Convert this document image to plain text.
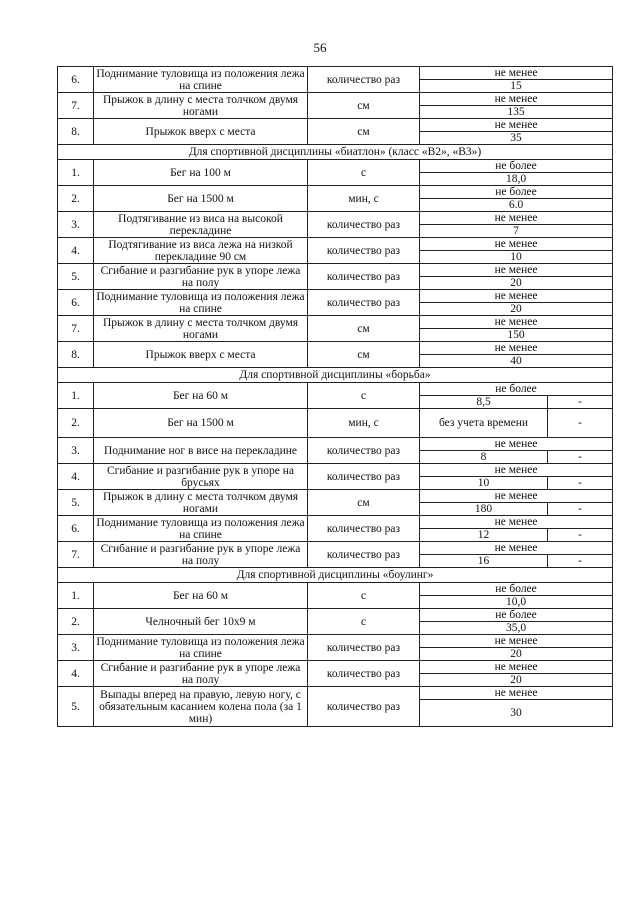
56
6.	Поднимание туловища из положения лежа на спине	количество раз	не менее	
			15	
7.	Прыжок в длину с места толчком двумя ногами	см	не менее	
			135	
8.	Прыжок вверх с места	см	не менее	
			35	
Для спортивной дисциплины «биатлон» (класс «В2», «В3»)				
1.	Бег на 100 м	с	не более	
			18,0	
2.	Бег на 1500 м	мин, с	не более	
			6.0	
3.	Подтягивание из виса на высокой перекладине	количество раз	не менее	
			7	
4.	Подтягивание из виса лежа на низкой перекладине 90 см	количество раз	не менее	
			10	
5.	Сгибание и разгибание рук в упоре лежа на полу	количество раз	не менее	
			20	
6.	Поднимание туловища из положения лежа на спине	количество раз	не менее	
			20	
7.	Прыжок в длину с места толчком двумя ногами	см	не менее	
			150	
8.	Прыжок вверх с места	см	не менее	
			40	
Для спортивной дисциплины «борьба»				
1.	Бег на 60 м	с	не более	
			8,5	-
2.	Бег на 1500 м	мин, с	без учета времени	-

3.	Поднимание ног в висе на перекладине	количество раз	не менее	
			8	-
4.	Сгибание и разгибание рук в упоре на брусьях	количество раз	не менее	
			10	-
5.	Прыжок в длину с места толчком двумя ногами	см	не менее	
			180	-
6.	Поднимание туловища из положения лежа на спине	количество раз	не менее	
			12	-
7.	Сгибание и разгибание рук в упоре лежа на полу	количество раз	не менее	
			16	-
Для спортивной дисциплины «боулинг»				
1.	Бег на 60 м	с	не более	
			10,0	
2.	Челночный бег 10х9 м	с	не более	
			35,0	
3.	Поднимание туловища из положения лежа на спине	количество раз	не менее	
			20	
4.	Сгибание и разгибание рук в упоре лежа на полу	количество раз	не менее	
			20	
5.	Выпады вперед на правую, левую ногу, с обязательным касанием колена пола (за 1 мин)	количество раз	не менее	
			30	
